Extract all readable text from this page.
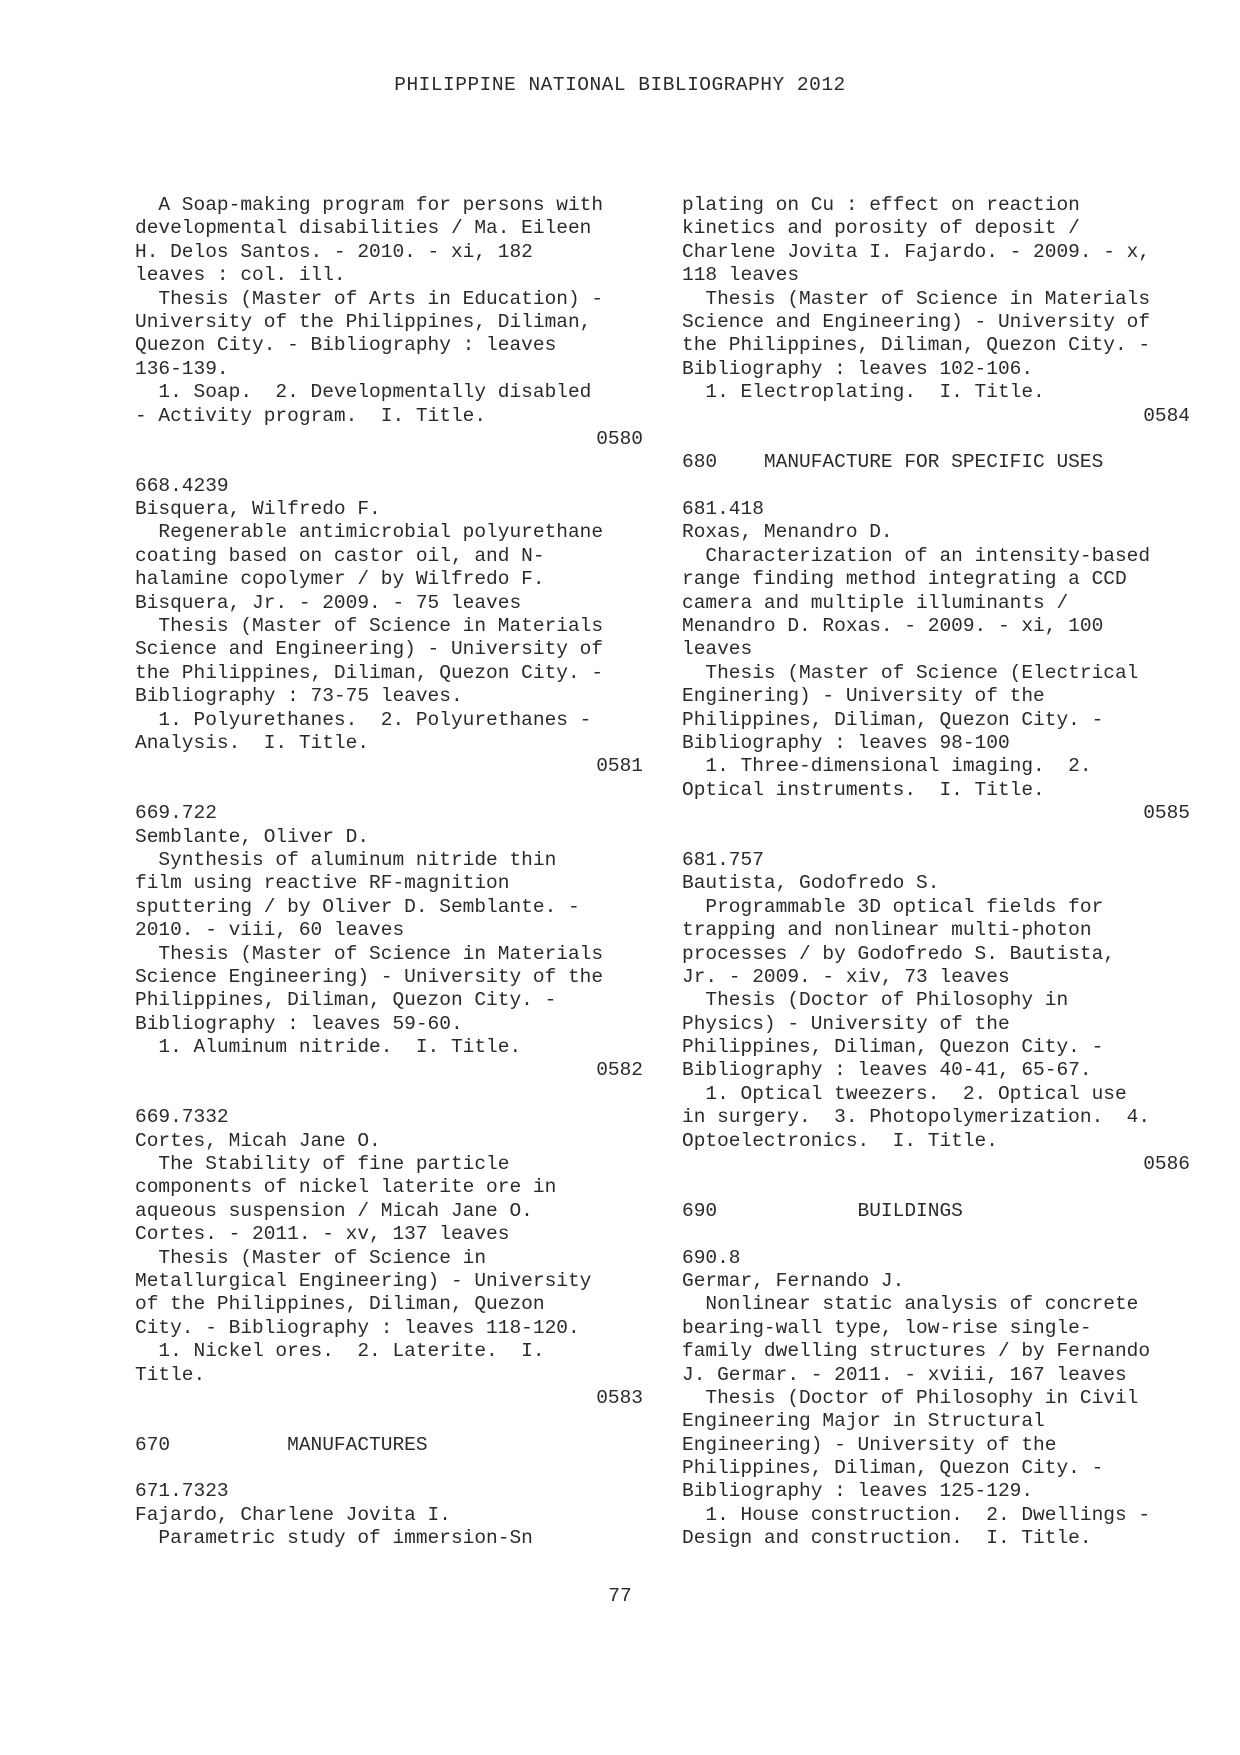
PHILIPPINE NATIONAL BIBLIOGRAPHY 2012
A Soap-making program for persons with
developmental disabilities / Ma. Eileen
H. Delos Santos. - 2010. - xi, 182
leaves : col. ill.
Thesis (Master of Arts in Education) -
University of the Philippines, Diliman,
Quezon City. - Bibliography : leaves
136-139.
1. Soap.  2. Developmentally disabled
- Activity program.  I. Title.
0580
668.4239
Bisquera, Wilfredo F.
Regenerable antimicrobial polyurethane
coating based on castor oil, and N-
halamine copolymer / by Wilfredo F.
Bisquera, Jr. - 2009. - 75 leaves
Thesis (Master of Science in Materials
Science and Engineering) - University of
the Philippines, Diliman, Quezon City. -
Bibliography : 73-75 leaves.
1. Polyurethanes.  2. Polyurethanes -
Analysis.  I. Title.
0581
669.722
Semblante, Oliver D.
Synthesis of aluminum nitride thin
film using reactive RF-magnition
sputtering / by Oliver D. Semblante. -
2010. - viii, 60 leaves
Thesis (Master of Science in Materials
Science Engineering) - University of the
Philippines, Diliman, Quezon City. -
Bibliography : leaves 59-60.
1. Aluminum nitride.  I. Title.
0582
669.7332
Cortes, Micah Jane O.
The Stability of fine particle
components of nickel laterite ore in
aqueous suspension / Micah Jane O.
Cortes. - 2011. - xv, 137 leaves
Thesis (Master of Science in
Metallurgical Engineering) - University
of the Philippines, Diliman, Quezon
City. - Bibliography : leaves 118-120.
1. Nickel ores.  2. Laterite.  I.
Title.
0583
670          MANUFACTURES
671.7323
Fajardo, Charlene Jovita I.
Parametric study of immersion-Sn
plating on Cu : effect on reaction
kinetics and porosity of deposit /
Charlene Jovita I. Fajardo. - 2009. - x,
118 leaves
Thesis (Master of Science in Materials
Science and Engineering) - University of
the Philippines, Diliman, Quezon City. -
Bibliography : leaves 102-106.
1. Electroplating.  I. Title.
0584
680    MANUFACTURE FOR SPECIFIC USES
681.418
Roxas, Menandro D.
Characterization of an intensity-based
range finding method integrating a CCD
camera and multiple illuminants /
Menandro D. Roxas. - 2009. - xi, 100
leaves
Thesis (Master of Science (Electrical
Enginering) - University of the
Philippines, Diliman, Quezon City. -
Bibliography : leaves 98-100
1. Three-dimensional imaging.  2.
Optical instruments.  I. Title.
0585
681.757
Bautista, Godofredo S.
Programmable 3D optical fields for
trapping and nonlinear multi-photon
processes / by Godofredo S. Bautista,
Jr. - 2009. - xiv, 73 leaves
Thesis (Doctor of Philosophy in
Physics) - University of the
Philippines, Diliman, Quezon City. -
Bibliography : leaves 40-41, 65-67.
1. Optical tweezers.  2. Optical use
in surgery.  3. Photopolymerization.  4.
Optoelectronics.  I. Title.
0586
690            BUILDINGS
690.8
Germar, Fernando J.
Nonlinear static analysis of concrete
bearing-wall type, low-rise single-
family dwelling structures / by Fernando
J. Germar. - 2011. - xviii, 167 leaves
Thesis (Doctor of Philosophy in Civil
Engineering Major in Structural
Engineering) - University of the
Philippines, Diliman, Quezon City. -
Bibliography : leaves 125-129.
1. House construction.  2. Dwellings -
Design and construction.  I. Title.
77
